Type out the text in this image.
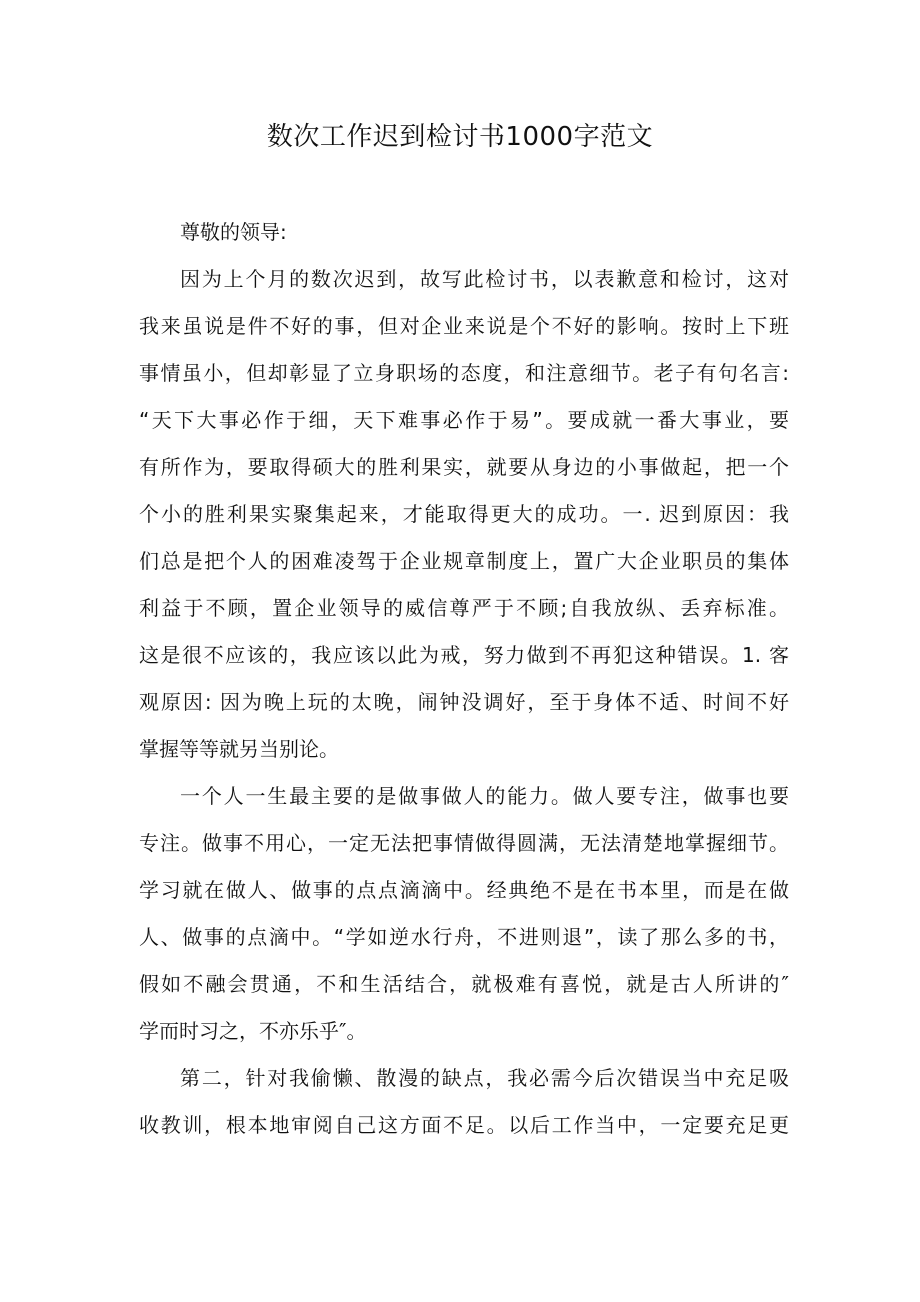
数次工作迟到检讨书1000字范文
尊敬的领导:
因为上个月的数次迟到，故写此检讨书，以表歉意和检讨，这对
我来虽说是件不好的事，但对企业来说是个不好的影响。按时上下班
事情虽小，但却彰显了立身职场的态度，和注意细节。老子有句名言:
“天下大事必作于细，天下难事必作于易”。要成就一番大事业，要
有所作为，要取得硕大的胜利果实，就要从身边的小事做起，把一个
个小的胜利果实聚集起来，才能取得更大的成功。一. 迟到原因：我
们总是把个人的困难凌驾于企业规章制度上，置广大企业职员的集体
利益于不顾，置企业领导的威信尊严于不顾;自我放纵、丢弃标准。
这是很不应该的，我应该以此为戒，努力做到不再犯这种错误。1. 客
观原因: 因为晚上玩的太晚，闹钟没调好，至于身体不适、时间不好
掌握等等就另当别论。
一个人一生最主要的是做事做人的能力。做人要专注，做事也要
专注。做事不用心，一定无法把事情做得圆满，无法清楚地掌握细节。
学习就在做人、做事的点点滴滴中。经典绝不是在书本里，而是在做
人、做事的点滴中。“学如逆水行舟，不进则退”，读了那么多的书，
假如不融会贯通，不和生活结合，就极难有喜悦，就是古人所讲的″
学而时习之，不亦乐乎″。
第二，针对我偷懒、散漫的缺点，我必需今后次错误当中充足吸
收教训，根本地审阅自己这方面不足。以后工作当中，一定要充足更
